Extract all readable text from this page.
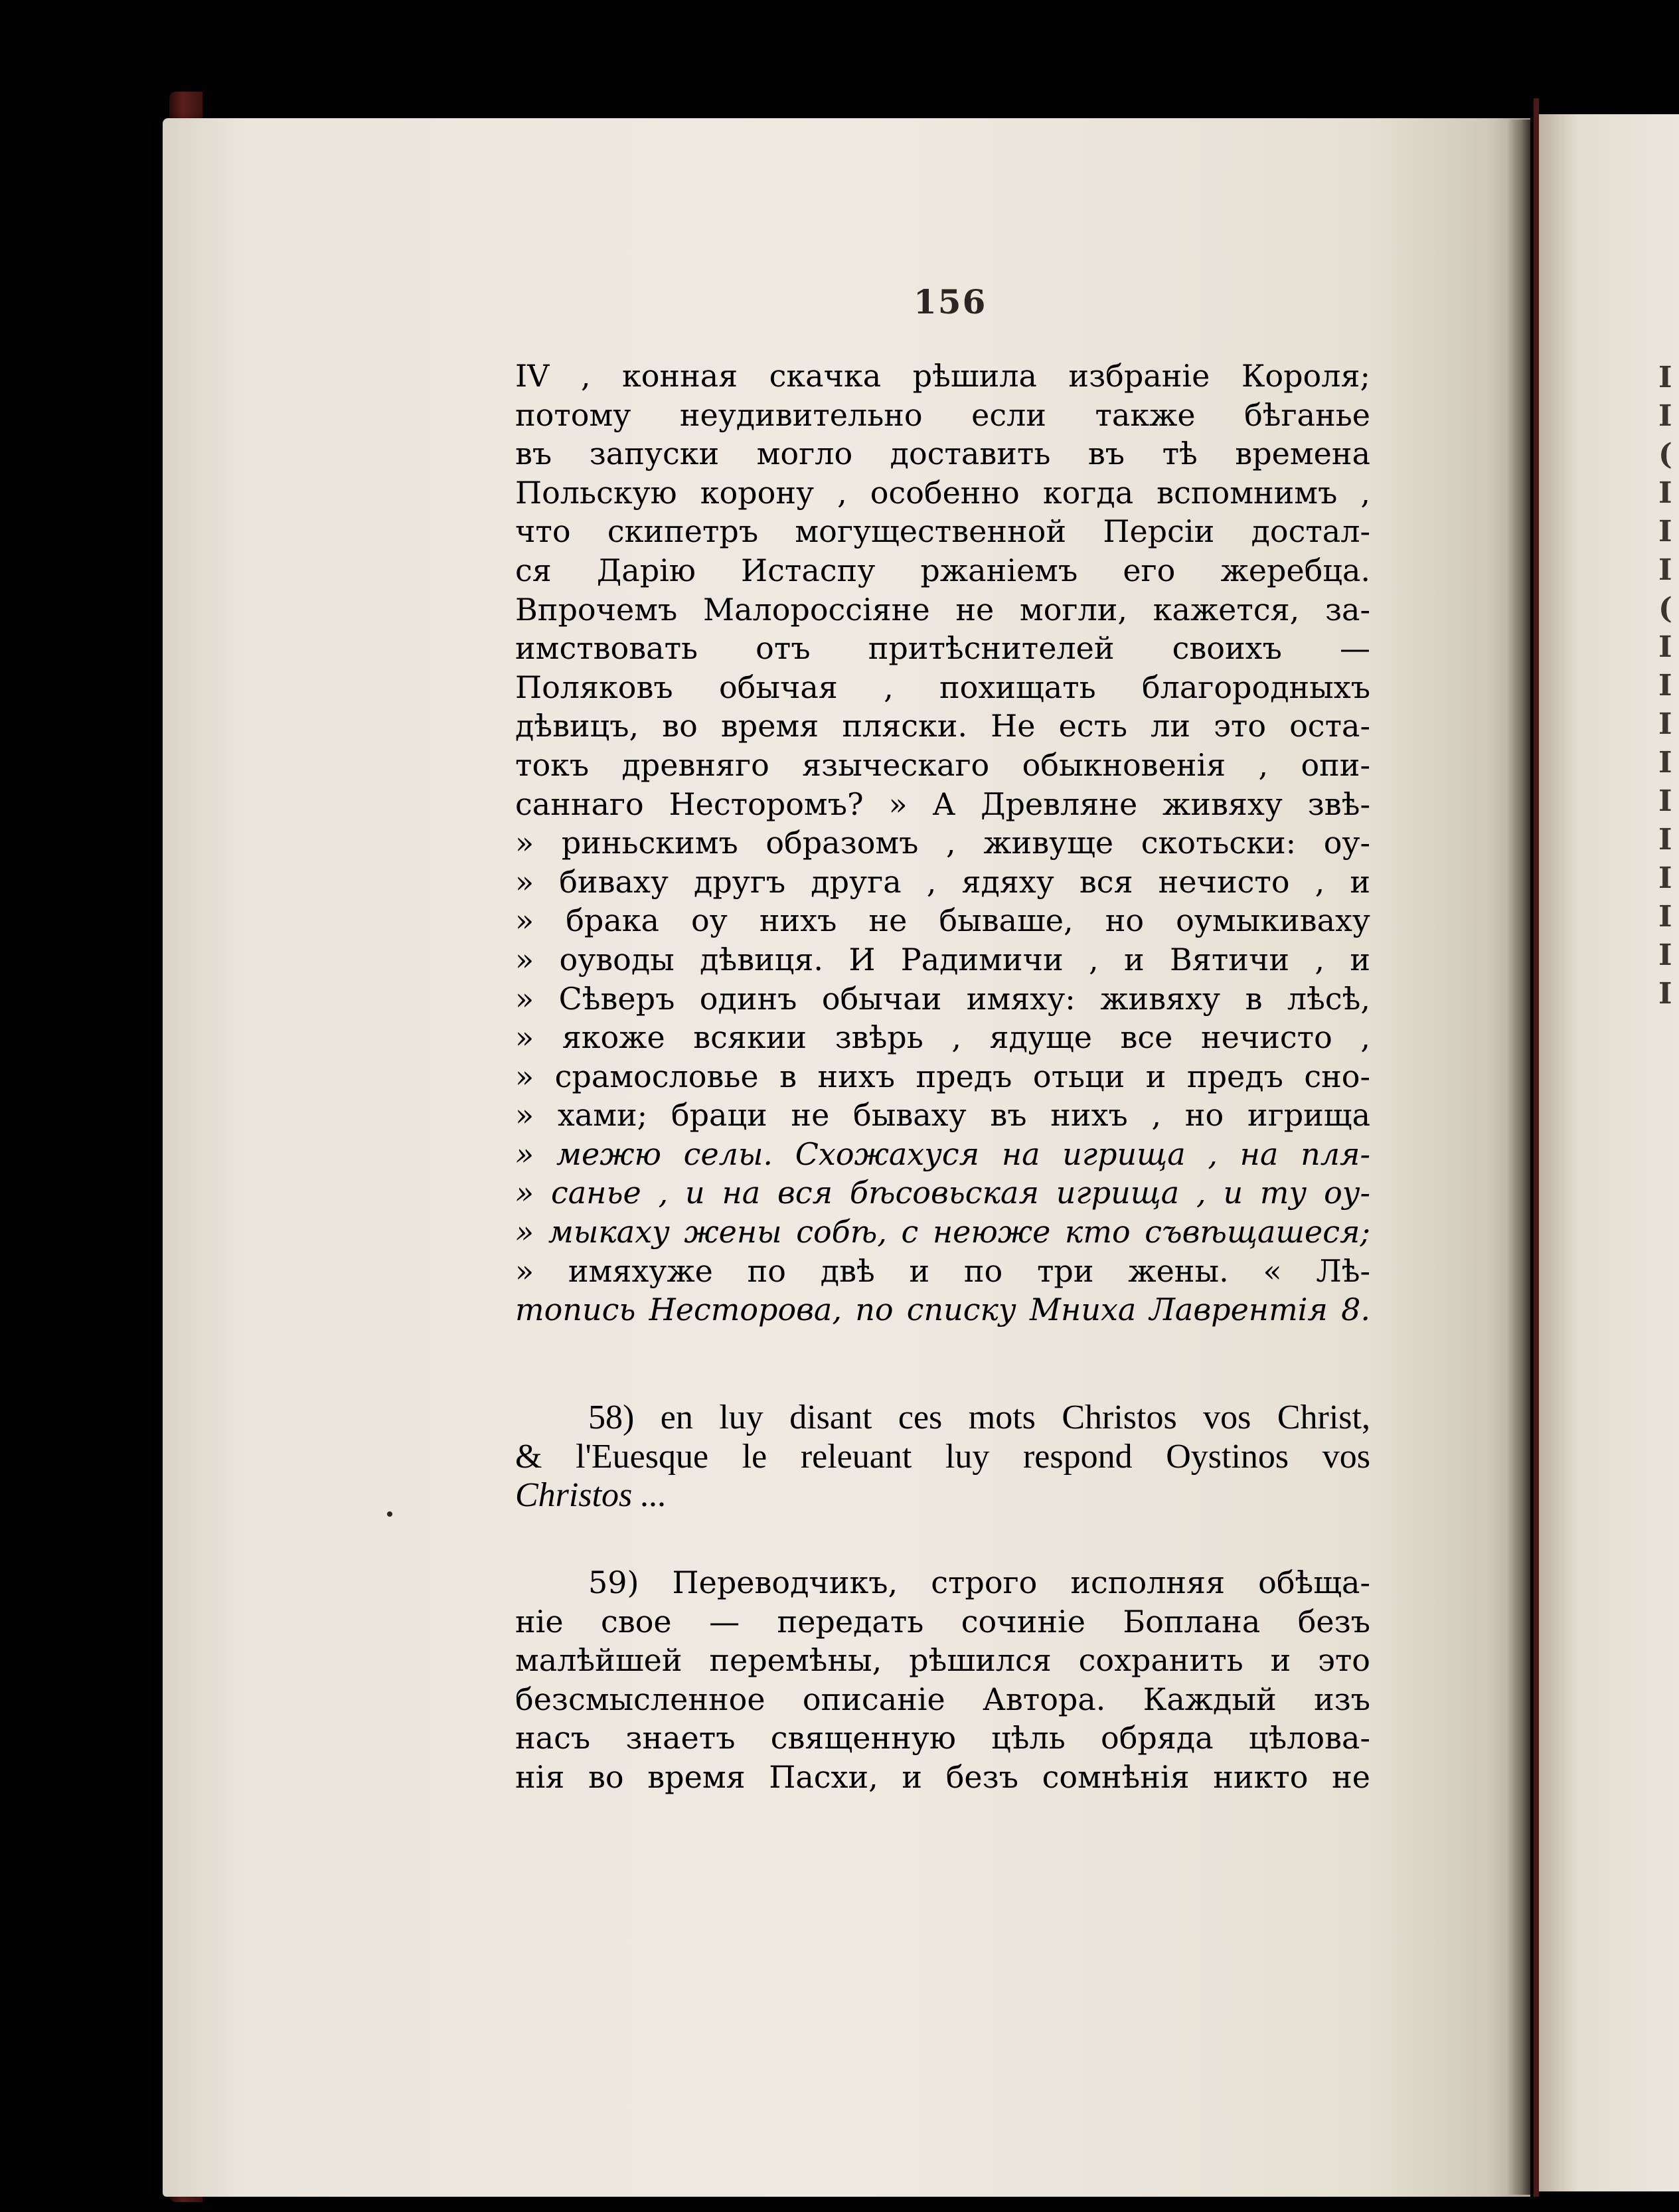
I
I
(
I
I
I
(
I
I
I
I
I
I
I
I
I
I
156
IV , конная скачка рѣшила избраніе Короля;
потому неудивительно если также бѣганье
въ запуски могло доставить въ тѣ времена
Польскую корону , особенно когда вспомнимъ ,
что скипетръ могущественной Персіи достал-
ся Дарію Истаспу ржаніемъ его жеребца.
Впрочемъ Малороссіяне не могли, кажется, за-
имствовать отъ притѣснителей своихъ —
Поляковъ обычая , похищать благородныхъ
дѣвицъ, во время пляски. Не есть ли это оста-
токъ древняго языческаго обыкновенія , опи-
саннаго Несторомъ? » А Древляне живяху звѣ-
» риньскимъ образомъ , живуще скотьски: оу-
» биваху другъ друга , ядяху вся нечисто , и
» брака оу нихъ не бываше, но оумыкиваху
» оуводы дѣвиця. И Радимичи , и Вятичи , и
» Сѣверъ одинъ обычаи имяху: живяху в лѣсѣ,
» якоже всякии звѣрь , ядуще все нечисто ,
» срамословье в нихъ предъ отьци и предъ сно-
» хами; браци не бываху въ нихъ , но игрища
» межю селы. Схожахуся на игрища , на пля-
» санье , и на вся бѣсовьская игрища , и ту оу-
» мыкаху жены собѣ, с неюже кто съвѣщашеся;
» имяхуже по двѣ и по три жены. « Лѣ-
топись Несторова, по списку Мниха Лаврентія 8.
58) en luy disant ces mots Christos vos Christ,
& l'Euesque le releuant luy respond Oystinos vos
Christos ...
59) Переводчикъ, строго исполняя обѣща-
ніе свое — передать сочиніе Боплана безъ
малѣйшей перемѣны, рѣшился сохранить и это
безсмысленное описаніе Автора. Каждый изъ
насъ знаетъ священную цѣль обряда цѣлова-
нія во время Пасхи, и безъ сомнѣнія никто не
